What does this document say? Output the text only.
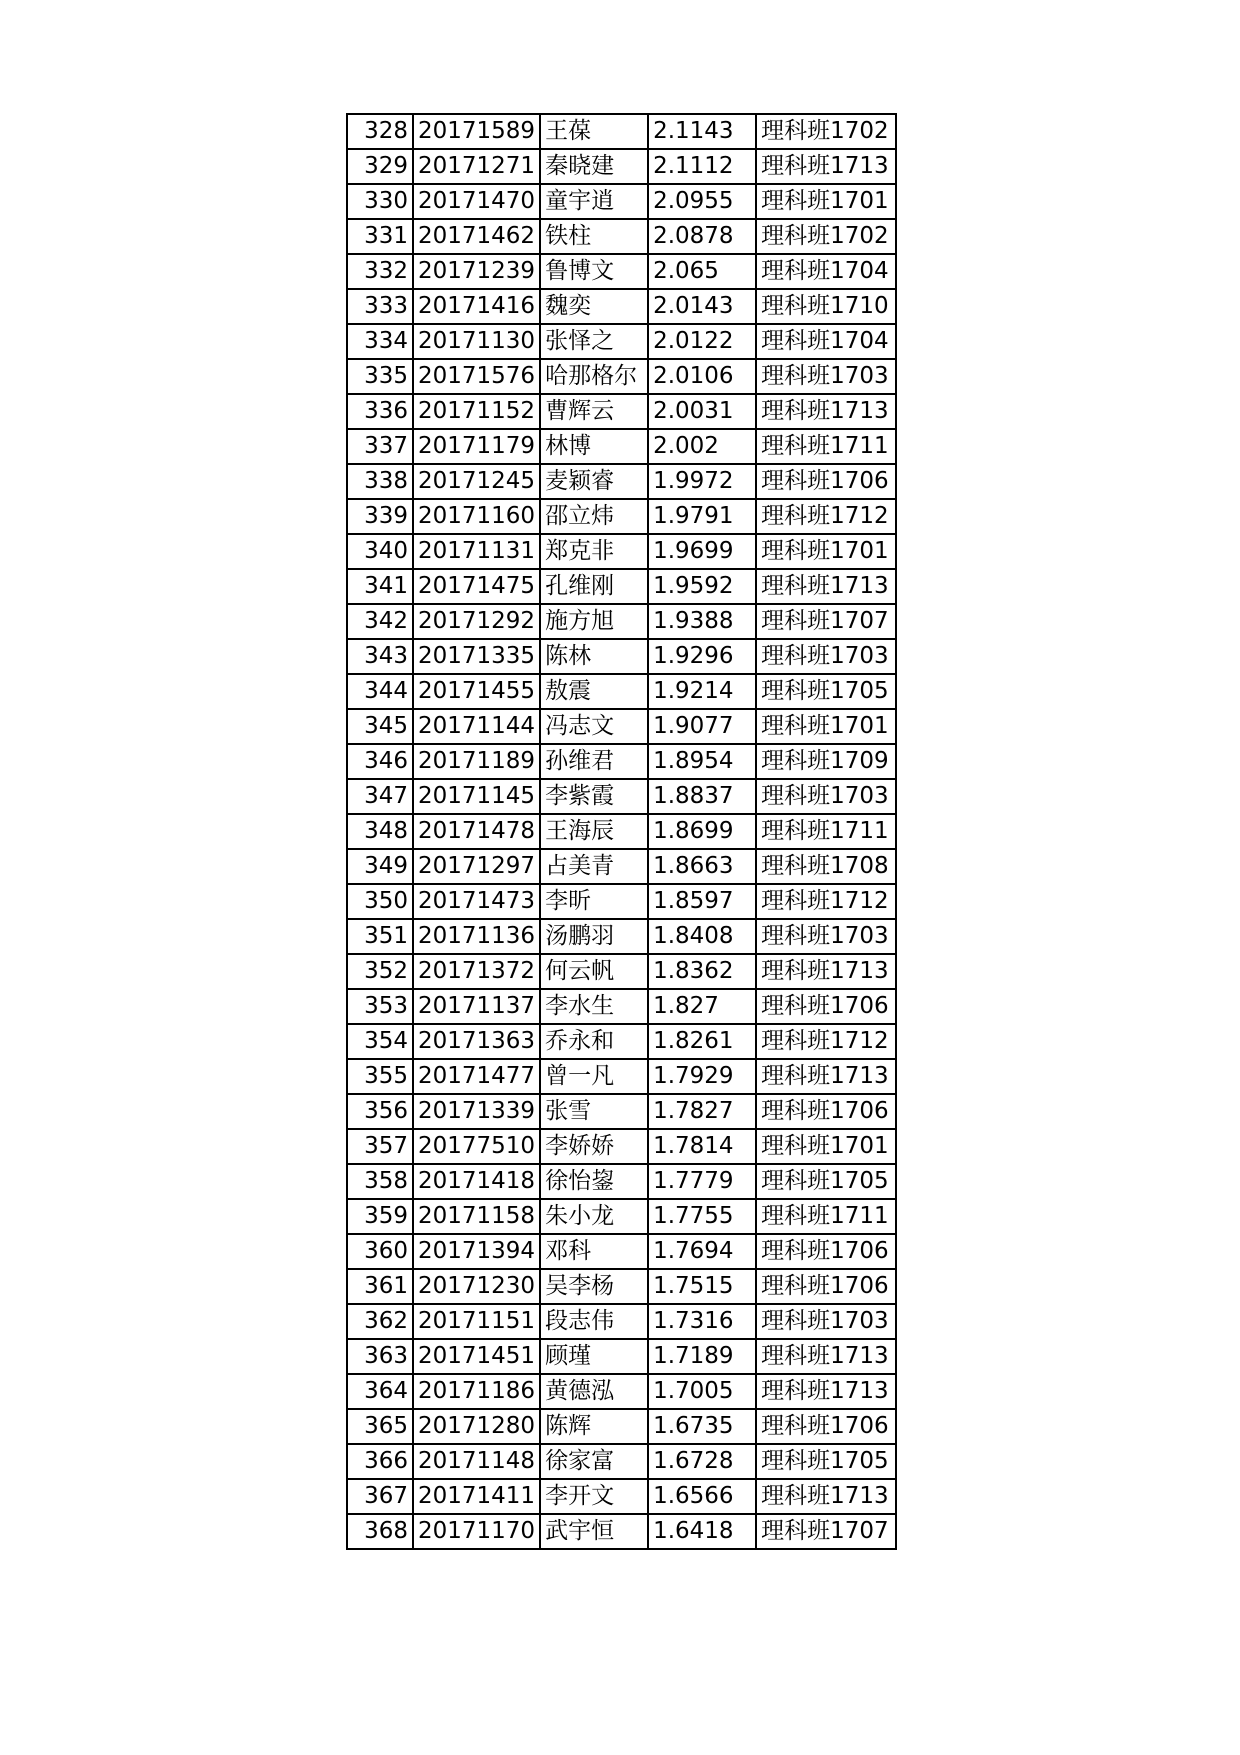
328	20171589	王葆	2.1143	理科班1702
329	20171271	秦晓建	2.1112	理科班1713
330	20171470	童宇逍	2.0955	理科班1701
331	20171462	铁柱	2.0878	理科班1702
332	20171239	鲁博文	2.065	理科班1704
333	20171416	魏奕	2.0143	理科班1710
334	20171130	张怿之	2.0122	理科班1704
335	20171576	哈那格尔	2.0106	理科班1703
336	20171152	曹辉云	2.0031	理科班1713
337	20171179	林博	2.002	理科班1711
338	20171245	麦颖睿	1.9972	理科班1706
339	20171160	邵立炜	1.9791	理科班1712
340	20171131	郑克非	1.9699	理科班1701
341	20171475	孔维刚	1.9592	理科班1713
342	20171292	施方旭	1.9388	理科班1707
343	20171335	陈林	1.9296	理科班1703
344	20171455	敖震	1.9214	理科班1705
345	20171144	冯志文	1.9077	理科班1701
346	20171189	孙维君	1.8954	理科班1709
347	20171145	李紫霞	1.8837	理科班1703
348	20171478	王海辰	1.8699	理科班1711
349	20171297	占美青	1.8663	理科班1708
350	20171473	李昕	1.8597	理科班1712
351	20171136	汤鹏羽	1.8408	理科班1703
352	20171372	何云帆	1.8362	理科班1713
353	20171137	李水生	1.827	理科班1706
354	20171363	乔永和	1.8261	理科班1712
355	20171477	曾一凡	1.7929	理科班1713
356	20171339	张雪	1.7827	理科班1706
357	20177510	李娇娇	1.7814	理科班1701
358	20171418	徐怡鋆	1.7779	理科班1705
359	20171158	朱小龙	1.7755	理科班1711
360	20171394	邓科	1.7694	理科班1706
361	20171230	吴李杨	1.7515	理科班1706
362	20171151	段志伟	1.7316	理科班1703
363	20171451	顾瑾	1.7189	理科班1713
364	20171186	黄德泓	1.7005	理科班1713
365	20171280	陈辉	1.6735	理科班1706
366	20171148	徐家富	1.6728	理科班1705
367	20171411	李开文	1.6566	理科班1713
368	20171170	武宇恒	1.6418	理科班1707
